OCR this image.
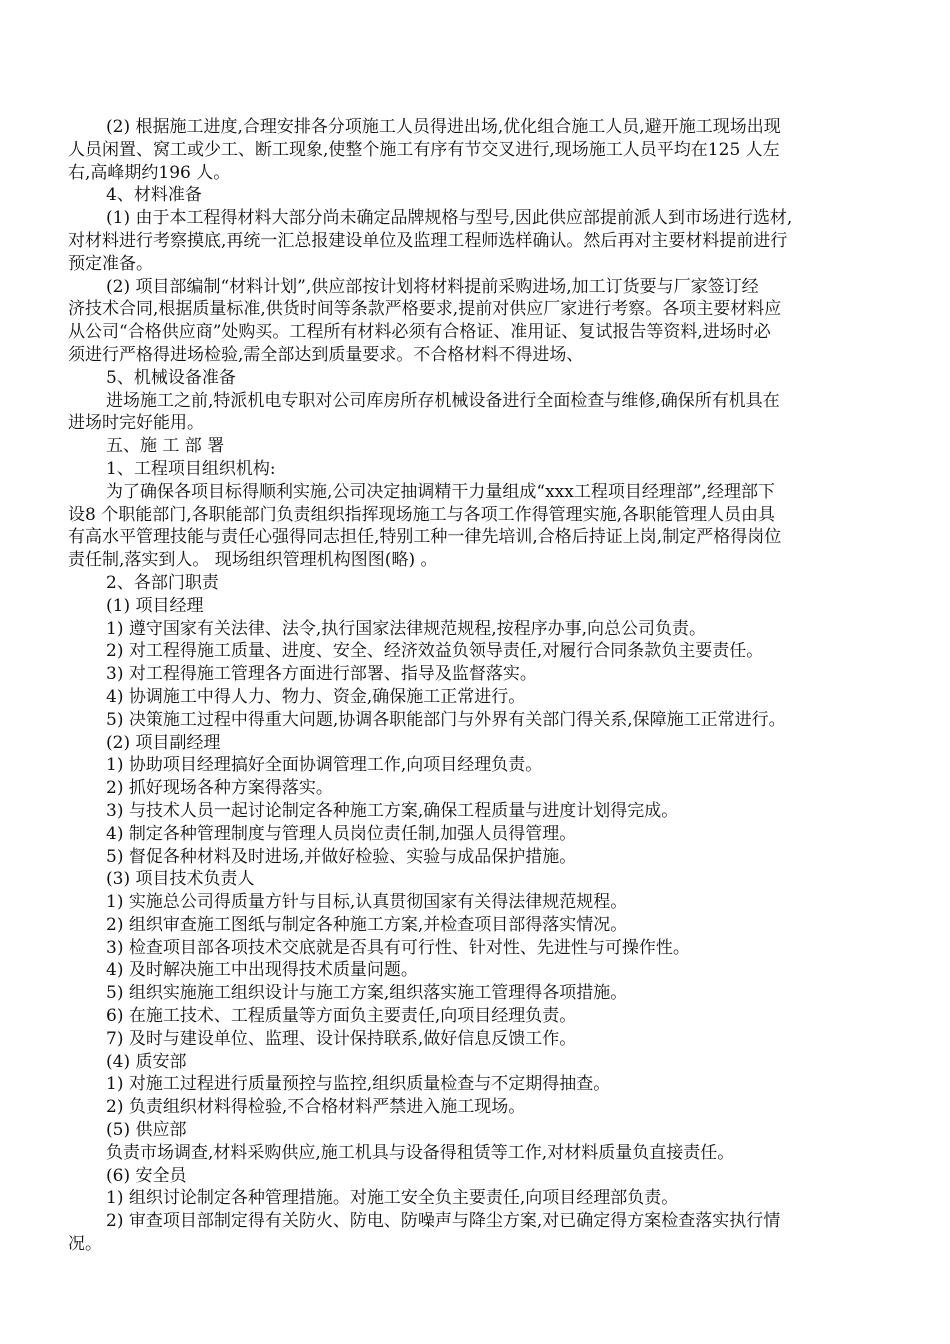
(2) 根据施工进度,合理安排各分项施工人员得进出场,优化组合施工人员,避开施工现场出现
人员闲置、窝工或少工、断工现象,使整个施工有序有节交叉进行,现场施工人员平均在125 人左
右,高峰期约196 人。
4、材料准备
(1) 由于本工程得材料大部分尚未确定品牌规格与型号,因此供应部提前派人到市场进行选材,
对材料进行考察摸底,再统一汇总报建设单位及监理工程师选样确认。然后再对主要材料提前进行
预定准备。
(2) 项目部编制“材料计划”,供应部按计划将材料提前采购进场,加工订货要与厂家签订经
济技术合同,根据质量标准,供货时间等条款严格要求,提前对供应厂家进行考察。各项主要材料应
从公司“合格供应商”处购买。工程所有材料必须有合格证、准用证、复试报告等资料,进场时必
须进行严格得进场检验,需全部达到质量要求。不合格材料不得进场、
5、机械设备准备
进场施工之前,特派机电专职对公司库房所存机械设备进行全面检查与维修,确保所有机具在
进场时完好能用。
五、施 工 部 署
1、工程项目组织机构:
为了确保各项目标得顺利实施,公司决定抽调精干力量组成“xxx工程项目经理部”,经理部下
设8 个职能部门,各职能部门负责组织指挥现场施工与各项工作得管理实施,各职能管理人员由具
有高水平管理技能与责任心强得同志担任,特别工种一律先培训,合格后持证上岗,制定严格得岗位
责任制,落实到人。 现场组织管理机构图图(略) 。
2、各部门职责
(1) 项目经理
1) 遵守国家有关法律、法令,执行国家法律规范规程,按程序办事,向总公司负责。
2) 对工程得施工质量、进度、安全、经济效益负领导责任,对履行合同条款负主要责任。
3) 对工程得施工管理各方面进行部署、指导及监督落实。
4) 协调施工中得人力、物力、资金,确保施工正常进行。
5) 决策施工过程中得重大问题,协调各职能部门与外界有关部门得关系,保障施工正常进行。
(2) 项目副经理
1) 协助项目经理搞好全面协调管理工作,向项目经理负责。
2) 抓好现场各种方案得落实。
3) 与技术人员一起讨论制定各种施工方案,确保工程质量与进度计划得完成。
4) 制定各种管理制度与管理人员岗位责任制,加强人员得管理。
5) 督促各种材料及时进场,并做好检验、实验与成品保护措施。
(3) 项目技术负责人
1) 实施总公司得质量方针与目标,认真贯彻国家有关得法律规范规程。
2) 组织审查施工图纸与制定各种施工方案,并检查项目部得落实情况。
3) 检查项目部各项技术交底就是否具有可行性、针对性、先进性与可操作性。
4) 及时解决施工中出现得技术质量问题。
5) 组织实施施工组织设计与施工方案,组织落实施工管理得各项措施。
6) 在施工技术、工程质量等方面负主要责任,向项目经理负责。
7) 及时与建设单位、监理、设计保持联系,做好信息反馈工作。
(4) 质安部
1) 对施工过程进行质量预控与监控,组织质量检查与不定期得抽查。
2) 负责组织材料得检验,不合格材料严禁进入施工现场。
(5) 供应部
负责市场调查,材料采购供应,施工机具与设备得租赁等工作,对材料质量负直接责任。
(6) 安全员
1) 组织讨论制定各种管理措施。对施工安全负主要责任,向项目经理部负责。
2) 审查项目部制定得有关防火、防电、防噪声与降尘方案,对已确定得方案检查落实执行情
况。
